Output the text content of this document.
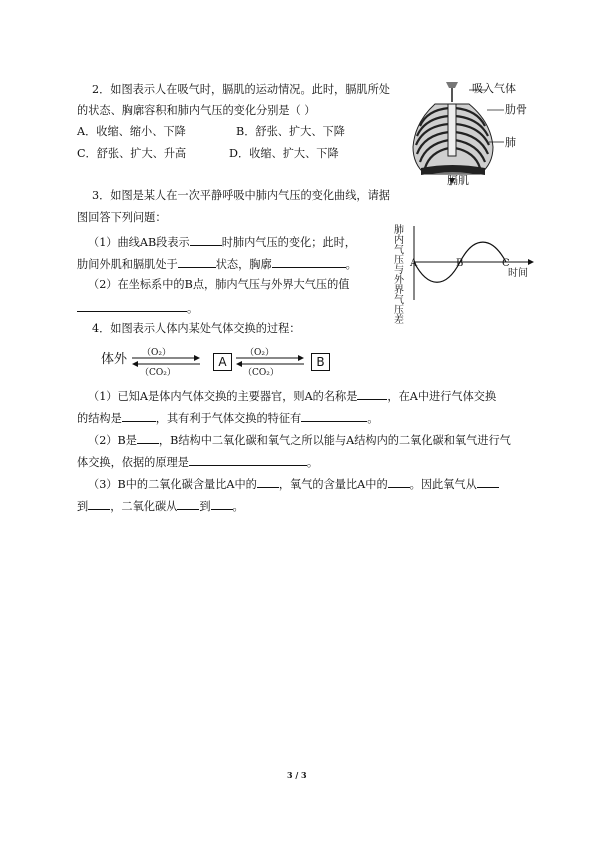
2．如图表示人在吸气时，膈肌的运动情况。此时，膈肌所处
的状态、胸廓容积和肺内气压的变化分别是（ ）
A．收缩、缩小、下降	B．舒张、扩大、下降
C．舒张、扩大、升高	D．收缩、扩大、下降
吸入气体
肋骨
肺
膈肌
3．如图是某人在一次平静呼吸中肺内气压的变化曲线，请据
图回答下列问题：
（1）曲线AB段表示	时肺内气压的变化；此时，
肋间外肌和膈肌处于	状态，胸廓	。
（2）在坐标系中的B点，肺内气压与外界大气压的值
。
肺内气压与外界气压差
A	B	C
时间
4．如图表示人体内某处气体交换的过程：
体外 （O₂）
（CO₂）
A
（O₂）
（CO₂）
B
（1）已知A是体内气体交换的主要器官，则A的名称是	，在A中进行气体交换
的结构是	，其有利于气体交换的特征有	。
（2）B是 ，B结构中二氧化碳和氧气之所以能与A结构内的二氧化碳和氧气进行气
体交换，依据的原理是	。
（3）B中的二氧化碳含量比A中的 ，氧气的含量比A中的 。因此氧气从
到 ，二氧化碳从 到 。
3 / 3
